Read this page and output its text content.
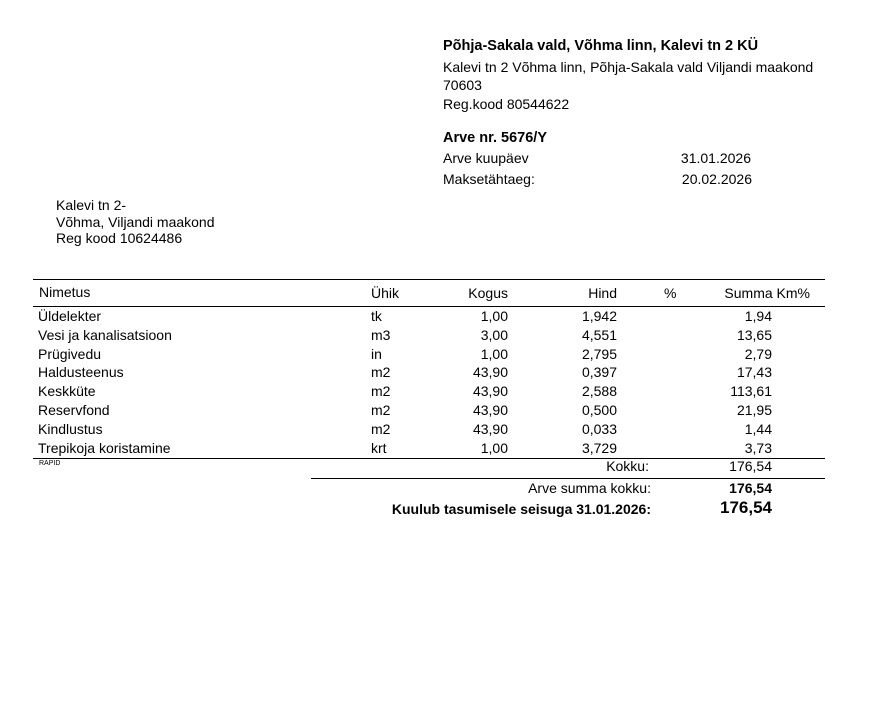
Põhja-Sakala vald, Võhma linn, Kalevi tn 2 KÜ
Kalevi tn 2 Võhma linn, Põhja-Sakala vald Viljandi maakond
70603
Reg.kood 80544622
Arve nr. 5676/Y
Arve kuupäev	31.01.2026
Maksetähtaeg:	20.02.2026
Kalevi tn 2-
Võhma, Viljandi maakond
Reg kood 10624486
Nimetus	Ühik	Kogus	Hind	%	Summa Km%
Üldelekter	tk	1,00	1,942	1,94
Vesi ja kanalisatsioon	m3	3,00	4,551	13,65
Prügivedu	in	1,00	2,795	2,79
Haldusteenus	m2	43,90	0,397	17,43
Keskküte	m2	43,90	2,588	113,61
Reservfond	m2	43,90	0,500	21,95
Kindlustus	m2	43,90	0,033	1,44
Trepikoja koristamine	krt	1,00	3,729	3,73
RAPID	Kokku:	176,54
Arve summa kokku:	176,54
Kuulub tasumisele seisuga 31.01.2026:	176,54
